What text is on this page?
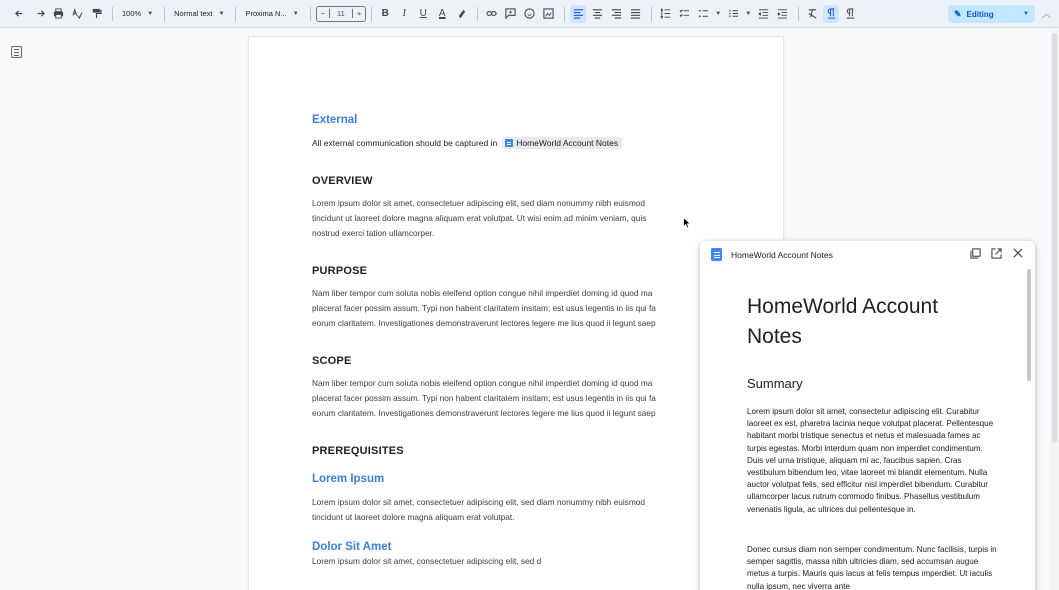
100% ▼	Normal text ▼	Proxima N... ▼	−	11	+	B	I	U	A	▼	▼	✎ Editing	▼ ︿
External
All external communication should be captured in HomeWorld Account Notes
OVERVIEW
Lorem ipsum dolor sit amet, consectetuer adipiscing elit, sed diam nonummy nibh euismod
tincidunt ut laoreet dolore magna aliquam erat volutpat. Ut wisi enim ad minim veniam, quis
nostrud exerci tation ullamcorper.
PURPOSE
Nam liber tempor cum soluta nobis eleifend option congue nihil imperdiet doming id quod ma
placerat facer possim assum. Typi non habent claritatem insitam; est usus legentis in iis qui fa
eorum claritatem. Investigationes demonstraverunt lectores legere me lius quod ii legunt saep
SCOPE
Nam liber tempor cum soluta nobis eleifend option congue nihil imperdiet doming id quod ma
placerat facer possim assum. Typi non habent claritatem insitam; est usus legentis in iis qui fa
eorum claritatem. Investigationes demonstraverunt lectores legere me lius quod ii legunt saep
PREREQUISITES
Lorem Ipsum
Lorem ipsum dolor sit amet, consectetuer adipiscing elit, sed diam nonummy nibh euismod
tincidunt ut laoreet dolore magna aliquam erat volutpat.
Dolor Sit Amet
Lorem ipsum dolor sit amet, consectetuer adipiscing elit, sed d
HomeWorld Account Notes
HomeWorld Account Notes
Summary
Lorem ipsum dolor sit amet, consectetur adipiscing elit. Curabitur laoreet ex est, pharetra lacinia neque volutpat placerat. Pellentesque habitant morbi tristique senectus et netus et malesuada fames ac turpis egestas. Morbi interdum quam non imperdiet condimentum. Duis vel urna tristique, aliquam mi ac, faucibus sapien. Cras vestibulum bibendum leo, vitae laoreet mi blandit elementum. Nulla auctor volutpat felis, sed efficitur nisl imperdiet bibendum. Curabitur ullamcorper lacus rutrum commodo finibus. Phasellus vestibulum venenatis ligula, ac ultrices dui pellentesque in.
Donec cursus diam non semper condimentum. Nunc facilisis, turpis in semper sagittis, massa nibh ultricies diam, sed accumsan augue metus a turpis. Mauris quis lacus at felis tempus imperdiet. Ut iaculis nulla ipsum, nec viverra ante
